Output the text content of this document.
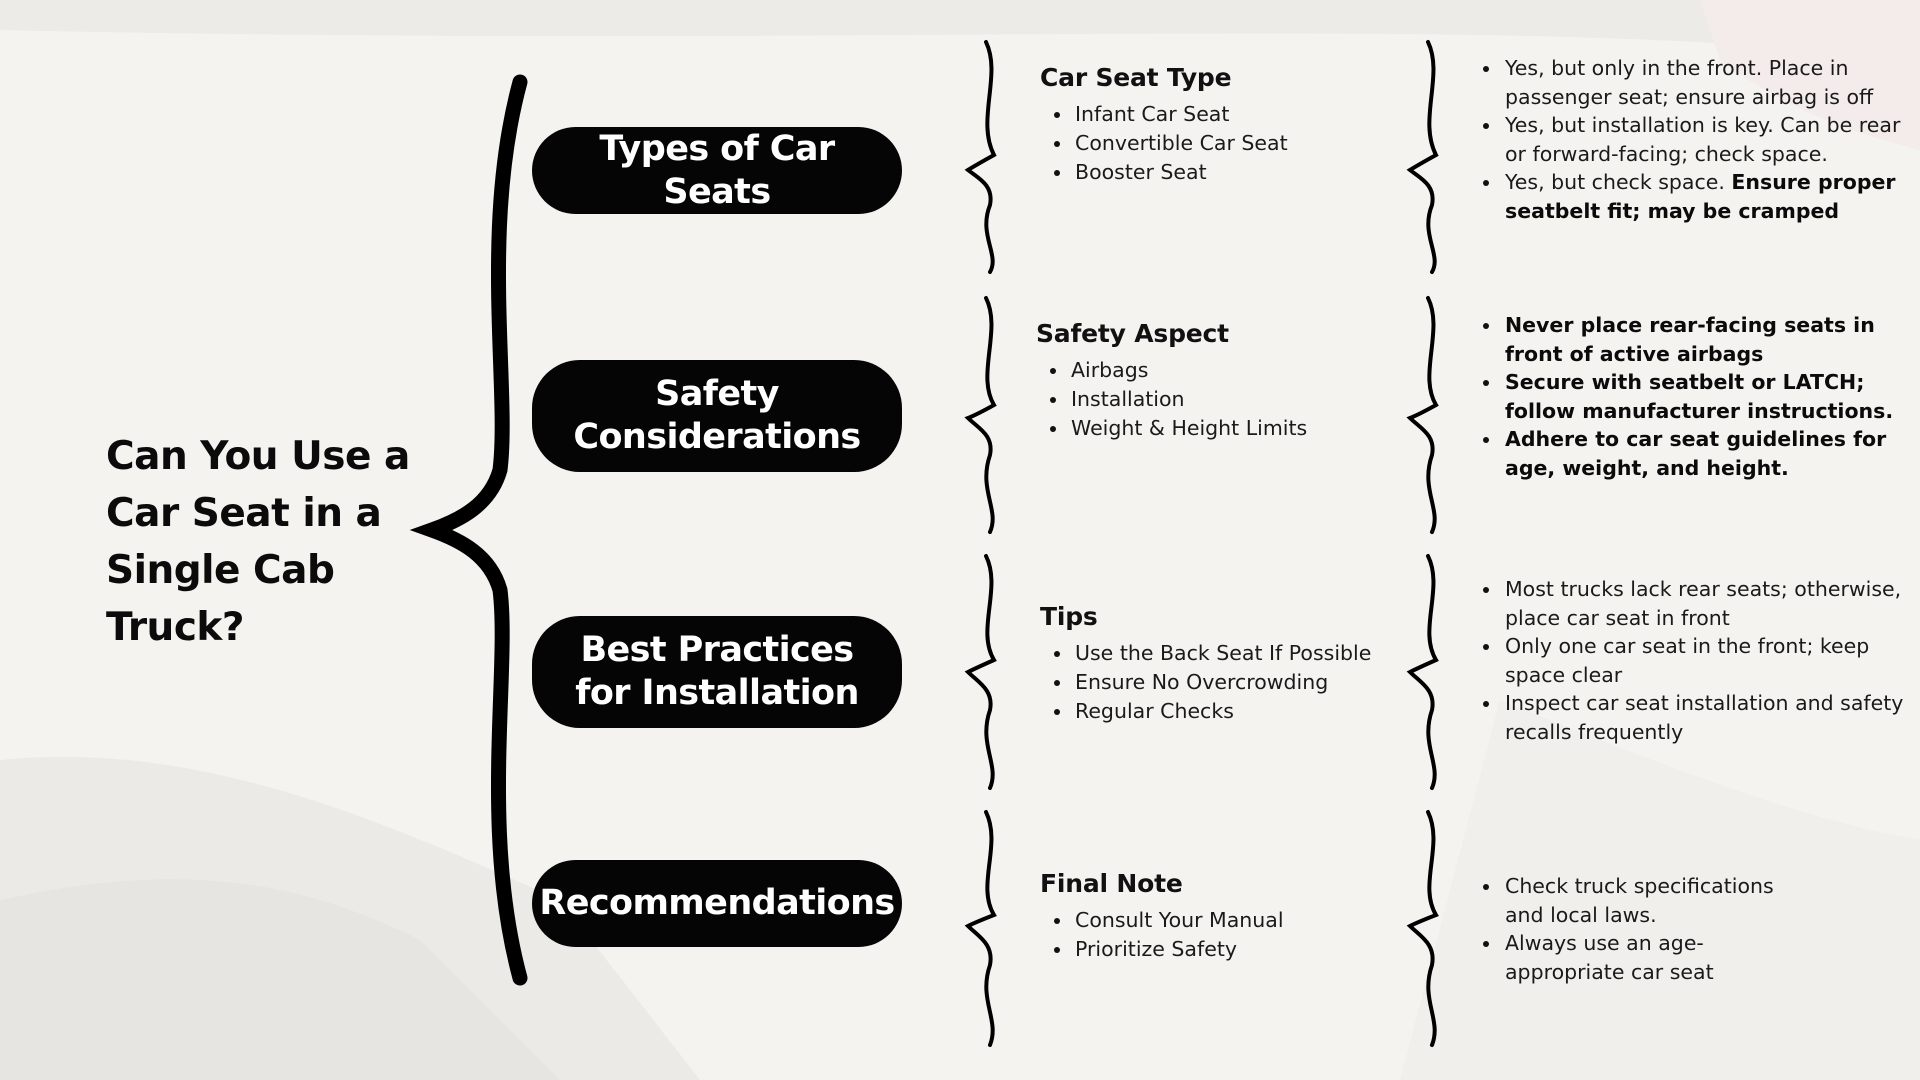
Can You Use a Car Seat in a Single Cab Truck?
Types of Car Seats
Safety Considerations
Best Practices for Installation
Recommendations
Car Seat Type
Infant Car Seat
Convertible Car Seat
Booster Seat
Safety Aspect
Airbags
Installation
Weight & Height Limits
Tips
Use the Back Seat If Possible
Ensure No Overcrowding
Regular Checks
Final Note
Consult Your Manual
Prioritize Safety
Yes, but only in the front. Place in passenger seat; ensure airbag is off
Yes, but installation is key. Can be rear or forward-facing; check space.
Yes, but check space. Ensure proper seatbelt fit; may be cramped
Never place rear-facing seats in front of active airbags
Secure with seatbelt or LATCH; follow manufacturer instructions.
Adhere to car seat guidelines for age, weight, and height.
Most trucks lack rear seats; otherwise, place car seat in front
Only one car seat in the front; keep space clear
Inspect car seat installation and safety recalls frequently
Check truck specifications and local laws.
Always use an age-appropriate car seat
